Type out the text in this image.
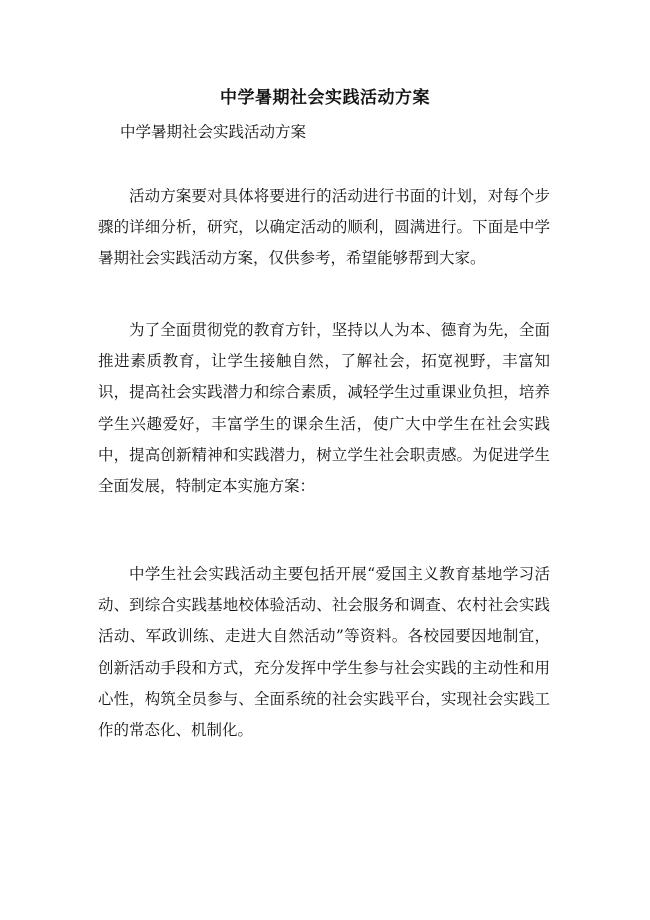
中学暑期社会实践活动方案
中学暑期社会实践活动方案

活动方案要对具体将要进行的活动进行书面的计划，对每个步骤的详细分析，研究，以确定活动的顺利，圆满进行。下面是中学暑期社会实践活动方案，仅供参考，希望能够帮到大家。

为了全面贯彻党的教育方针，坚持以人为本、德育为先，全面推进素质教育，让学生接触自然，了解社会，拓宽视野，丰富知识，提高社会实践潜力和综合素质，减轻学生过重课业负担，培养学生兴趣爱好，丰富学生的课余生活，使广大中学生在社会实践中，提高创新精神和实践潜力，树立学生社会职责感。为促进学生全面发展，特制定本实施方案：

中学生社会实践活动主要包括开展“爱国主义教育基地学习活动、到综合实践基地校体验活动、社会服务和调查、农村社会实践活动、军政训练、走进大自然活动”等资料。各校园要因地制宜，创新活动手段和方式，充分发挥中学生参与社会实践的主动性和用心性，构筑全员参与、全面系统的社会实践平台，实现社会实践工作的常态化、机制化。
